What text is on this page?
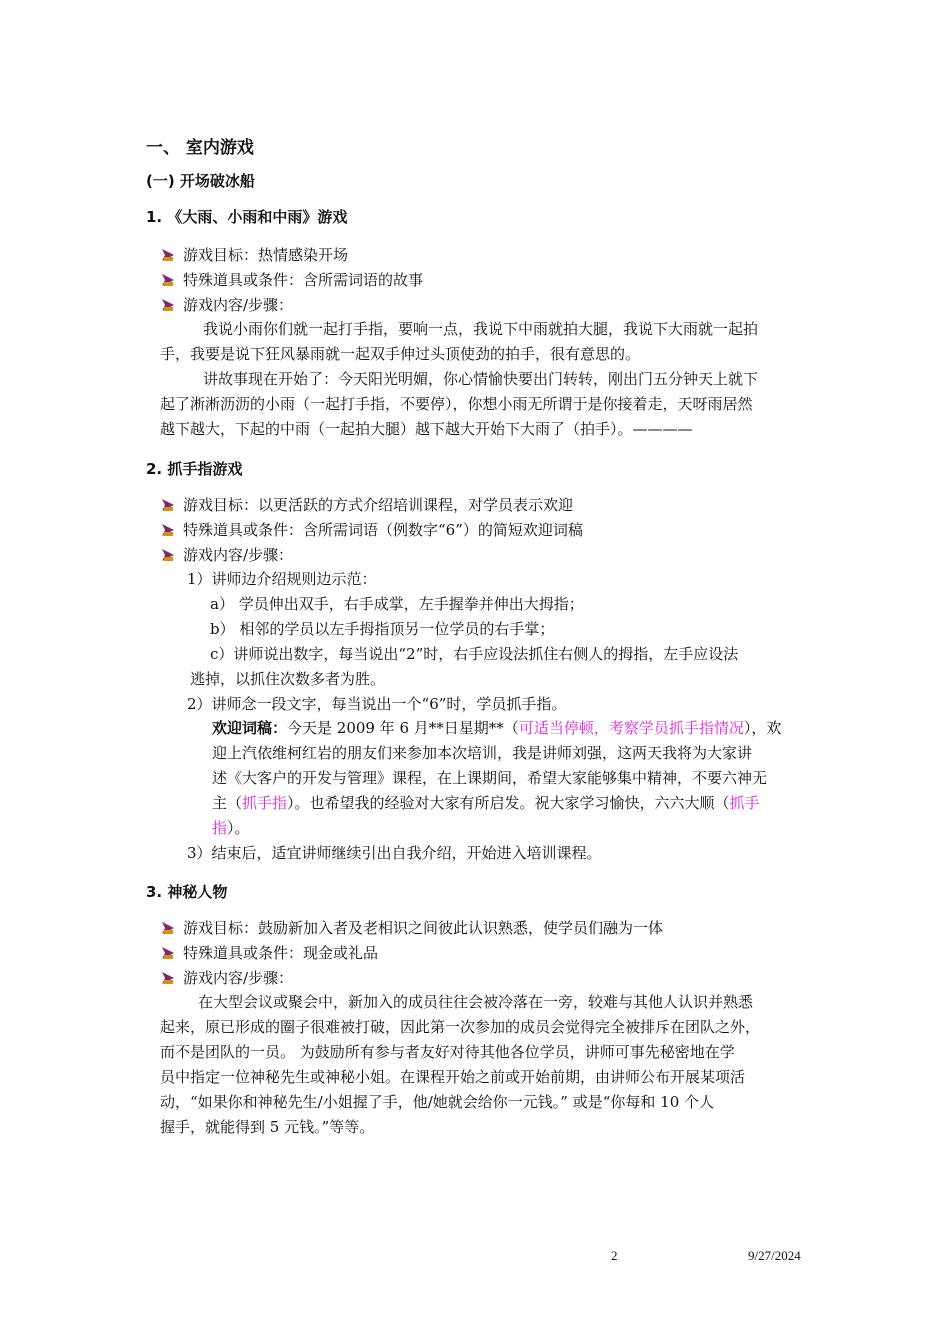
一、 室内游戏
(一) 开场破冰船
1. 《大雨、小雨和中雨》游戏
游戏目标：热情感染开场
特殊道具或条件：含所需词语的故事
游戏内容/步骤：
我说小雨你们就一起打手指，要响一点，我说下中雨就拍大腿，我说下大雨就一起拍
手，我要是说下狂风暴雨就一起双手伸过头顶使劲的拍手，很有意思的。
讲故事现在开始了：今天阳光明媚，你心情愉快要出门转转，刚出门五分钟天上就下
起了淅淅沥沥的小雨（一起打手指，不要停），你想小雨无所谓于是你接着走，天呀雨居然
越下越大，下起的中雨（一起拍大腿）越下越大开始下大雨了（拍手）。————
2. 抓手指游戏
游戏目标：以更活跃的方式介绍培训课程，对学员表示欢迎
特殊道具或条件：含所需词语（例数字“6”）的简短欢迎词稿
游戏内容/步骤：
1）讲师边介绍规则边示范：
a） 学员伸出双手，右手成掌，左手握拳并伸出大拇指；
b） 相邻的学员以左手拇指顶另一位学员的右手掌；
c）讲师说出数字，每当说出“2”时，右手应设法抓住右侧人的拇指，左手应设法
逃掉，以抓住次数多者为胜。
2）讲师念一段文字，每当说出一个“6”时，学员抓手指。
欢迎词稿：今天是 2009 年 6 月**日星期**（可适当停顿，考察学员抓手指情况），欢
迎上汽依维柯红岩的朋友们来参加本次培训，我是讲师刘强，这两天我将为大家讲
述《大客户的开发与管理》课程，在上课期间，希望大家能够集中精神，不要六神无
主（抓手指）。也希望我的经验对大家有所启发。祝大家学习愉快，六六大顺（抓手
指）。
3）结束后，适宜讲师继续引出自我介绍，开始进入培训课程。
3. 神秘人物
游戏目标：鼓励新加入者及老相识之间彼此认识熟悉，使学员们融为一体
特殊道具或条件：现金或礼品
游戏内容/步骤：
在大型会议或聚会中，新加入的成员往往会被冷落在一旁，较难与其他人认识并熟悉
起来，原已形成的圈子很难被打破，因此第一次参加的成员会觉得完全被排斥在团队之外，
而不是团队的一员。 为鼓励所有参与者友好对待其他各位学员，讲师可事先秘密地在学
员中指定一位神秘先生或神秘小姐。在课程开始之前或开始前期，由讲师公布开展某项活
动，“如果你和神秘先生/小姐握了手，他/她就会给你一元钱。” 或是“你每和 10 个人
握手，就能得到 5 元钱。”等等。
2	9/27/2024
